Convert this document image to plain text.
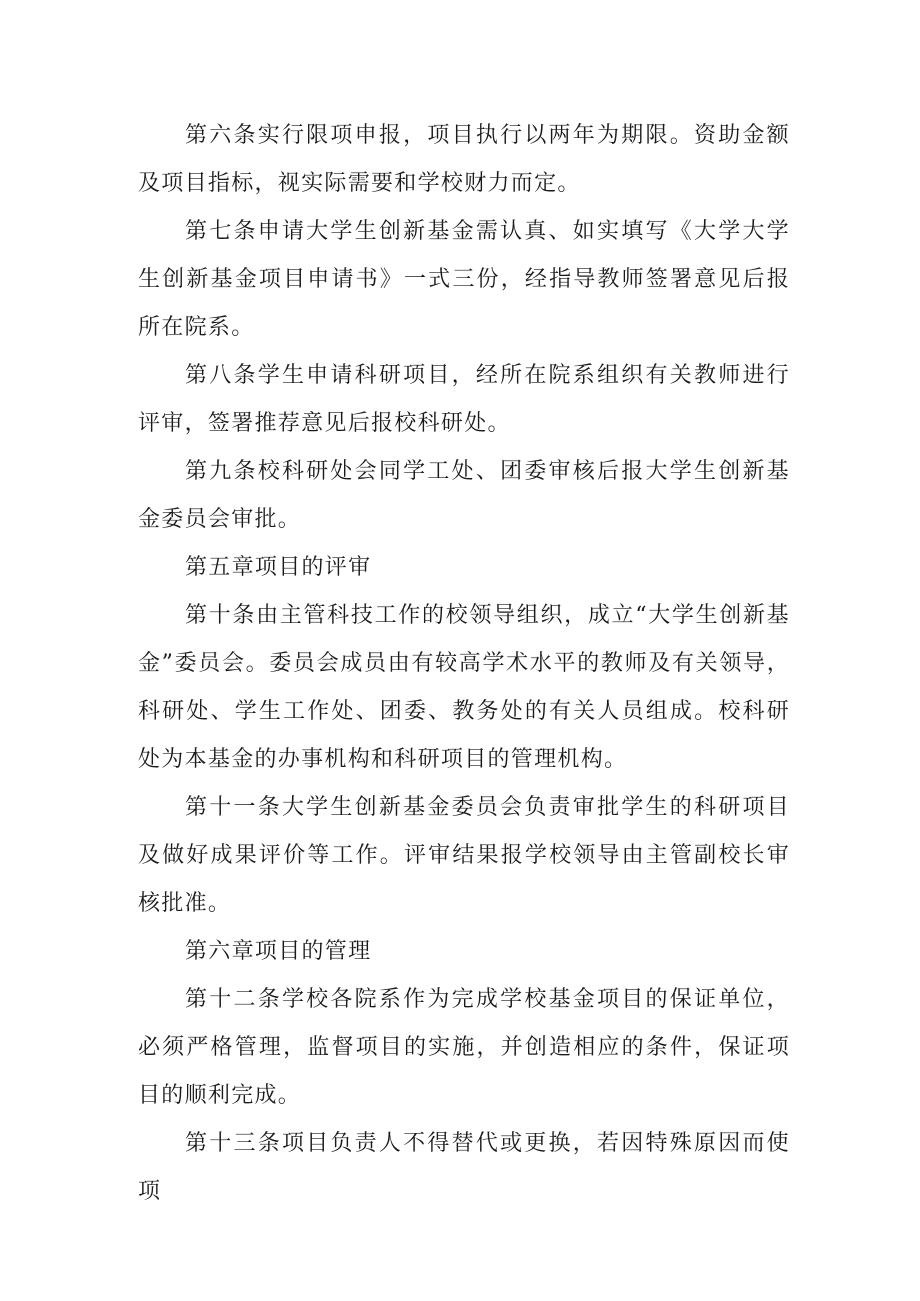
第六条实行限项申报，项目执行以两年为期限。资助金额及项目指标，视实际需要和学校财力而定。

第七条申请大学生创新基金需认真、如实填写《大学大学生创新基金项目申请书》一式三份，经指导教师签署意见后报所在院系。

第八条学生申请科研项目，经所在院系组织有关教师进行评审，签署推荐意见后报校科研处。

第九条校科研处会同学工处、团委审核后报大学生创新基金委员会审批。

第五章项目的评审

第十条由主管科技工作的校领导组织，成立“大学生创新基金”委员会。委员会成员由有较高学术水平的教师及有关领导，科研处、学生工作处、团委、教务处的有关人员组成。校科研处为本基金的办事机构和科研项目的管理机构。

第十一条大学生创新基金委员会负责审批学生的科研项目及做好成果评价等工作。评审结果报学校领导由主管副校长审核批准。

第六章项目的管理

第十二条学校各院系作为完成学校基金项目的保证单位，必须严格管理，监督项目的实施，并创造相应的条件，保证项目的顺利完成。

第十三条项目负责人不得替代或更换，若因特殊原因而使项
